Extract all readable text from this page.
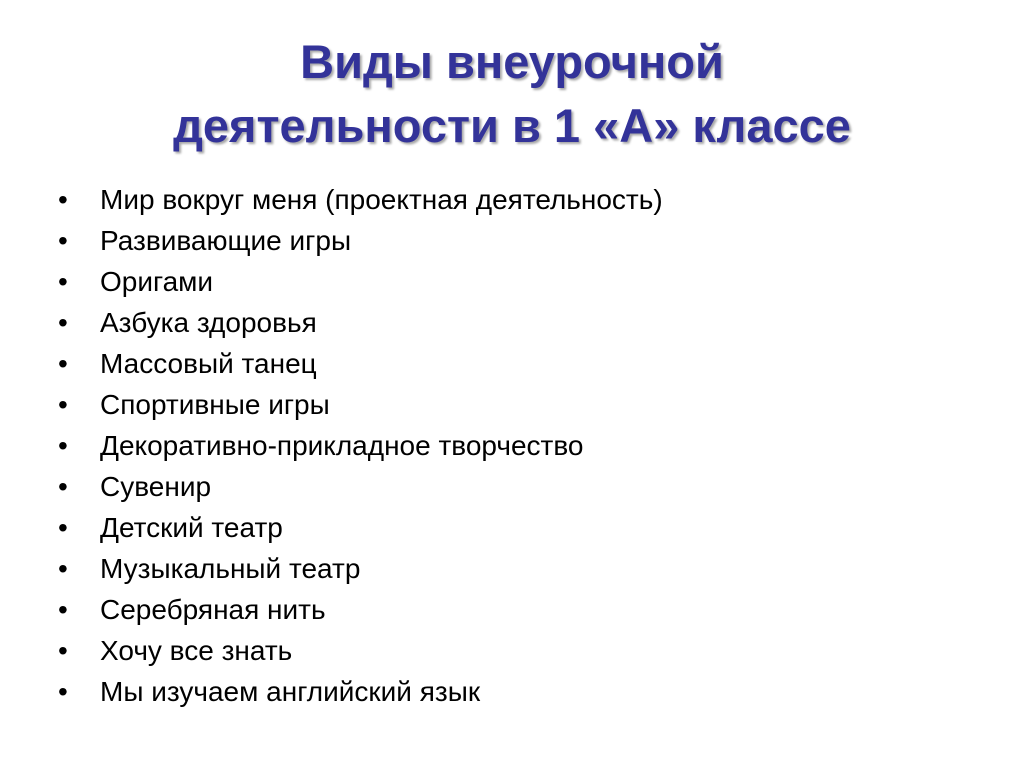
Виды внеурочной
деятельности в 1 «А» классе
•	Мир вокруг меня (проектная деятельность)
•	Развивающие игры
•	Оригами
•	Азбука здоровья
•	Массовый танец
•	Спортивные игры
•	Декоративно-прикладное творчество
•	Сувенир
•	Детский театр
•	Музыкальный театр
•	Серебряная нить
•	Хочу все знать
•	Мы изучаем английский язык
